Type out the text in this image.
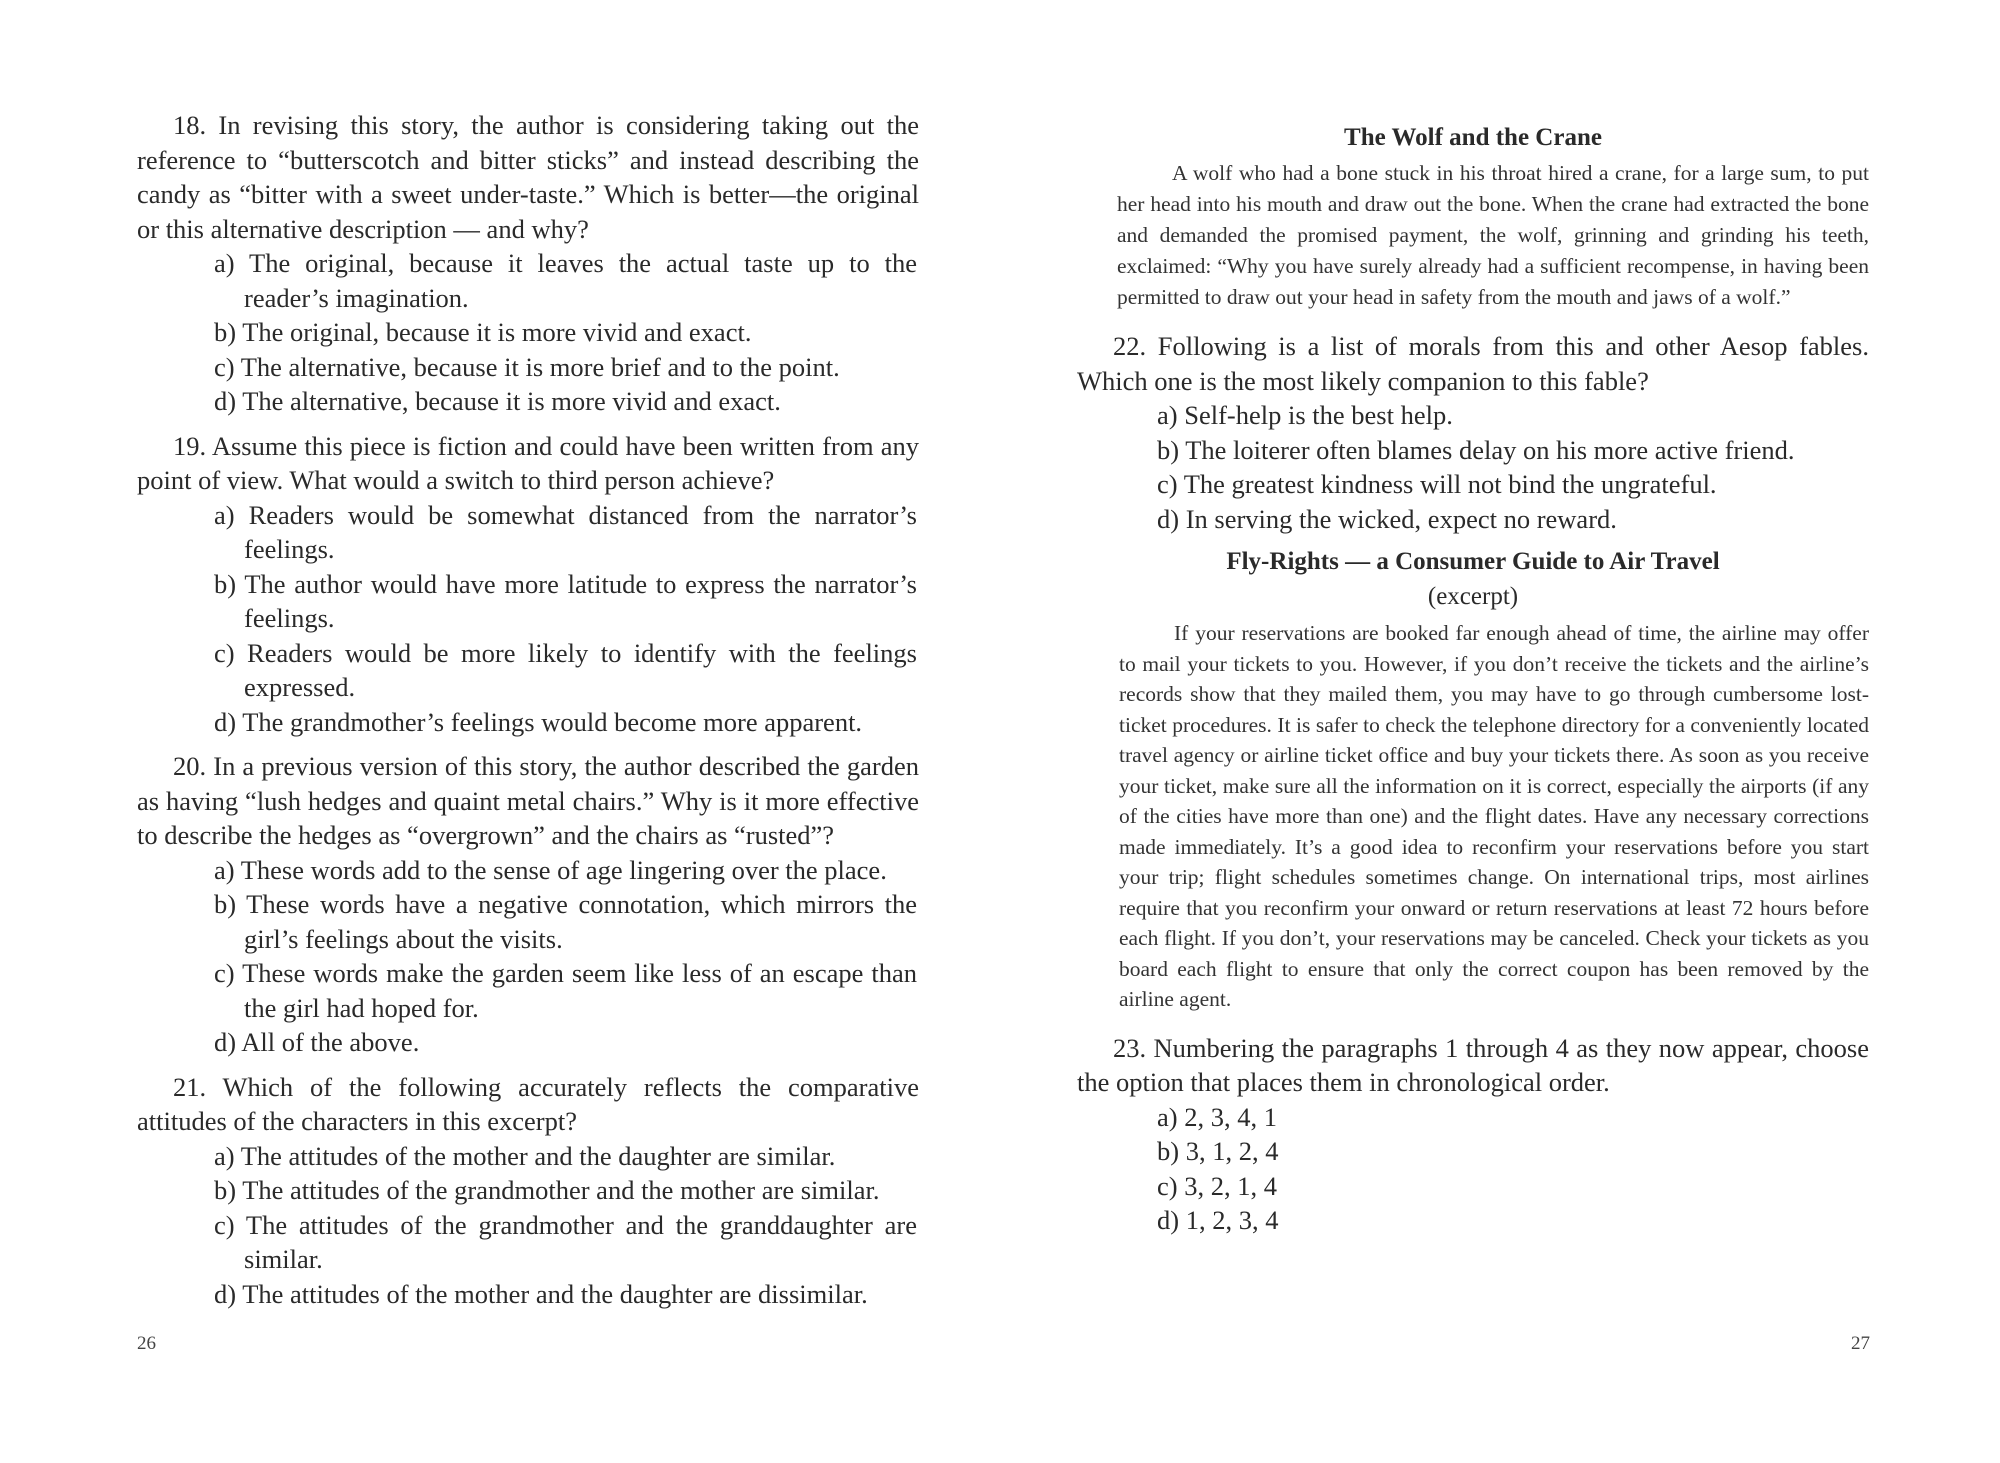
18. In revising this story, the author is considering taking out the reference to “butterscotch and bitter sticks” and instead describing the candy as “bitter with a sweet under-taste.” Which is better—the original or this alternative description — and why?

a) The original, because it leaves the actual taste up to the reader’s imagination.
b) The original, because it is more vivid and exact.
c) The alternative, because it is more brief and to the point.
d) The alternative, because it is more vivid and exact.

19. Assume this piece is fiction and could have been written from any point of view. What would a switch to third person achieve?

a) Readers would be somewhat distanced from the narrator’s feelings.
b) The author would have more latitude to express the narrator’s feelings.
c) Readers would be more likely to identify with the feelings expressed.
d) The grandmother’s feelings would become more apparent.

20. In a previous version of this story, the author described the garden as having “lush hedges and quaint metal chairs.” Why is it more effective to describe the hedges as “overgrown” and the chairs as “rusted”?

a) These words add to the sense of age lingering over the place.
b) These words have a negative connotation, which mirrors the girl’s feelings about the visits.
c) These words make the garden seem like less of an escape than the girl had hoped for.
d) All of the above.

21. Which of the following accurately reflects the comparative attitudes of the characters in this excerpt?

a) The attitudes of the mother and the daughter are similar.
b) The attitudes of the grandmother and the mother are similar.
c) The attitudes of the grandmother and the granddaughter are similar.
d) The attitudes of the mother and the daughter are dissimilar.
26
The Wolf and the Crane

A wolf who had a bone stuck in his throat hired a crane, for a large sum, to put her head into his mouth and draw out the bone. When the crane had extracted the bone and demanded the promised payment, the wolf, grinning and grinding his teeth, exclaimed: “Why you have surely already had a sufficient recompense, in having been permitted to draw out your head in safety from the mouth and jaws of a wolf.”

22. Following is a list of morals from this and other Aesop fables. Which one is the most likely companion to this fable?

a) Self-help is the best help.
b) The loiterer often blames delay on his more active friend.
c) The greatest kindness will not bind the ungrateful.
d) In serving the wicked, expect no reward.
Fly-Rights — a Consumer Guide to Air Travel
(excerpt)

If your reservations are booked far enough ahead of time, the airline may offer to mail your tickets to you. However, if you don’t receive the tickets and the airline’s records show that they mailed them, you may have to go through cumbersome lost-ticket procedures. It is safer to check the telephone directory for a conveniently located travel agency or airline ticket office and buy your tickets there. As soon as you receive your ticket, make sure all the information on it is correct, especially the airports (if any of the cities have more than one) and the flight dates. Have any necessary corrections made immediately. It’s a good idea to reconfirm your reservations before you start your trip; flight schedules sometimes change. On international trips, most airlines require that you reconfirm your onward or return reservations at least 72 hours before each flight. If you don’t, your reservations may be canceled. Check your tickets as you board each flight to ensure that only the correct coupon has been removed by the airline agent.

23. Numbering the paragraphs 1 through 4 as they now appear, choose the option that places them in chronological order.

a) 2, 3, 4, 1
b) 3, 1, 2, 4
c) 3, 2, 1, 4
d) 1, 2, 3, 4
27
